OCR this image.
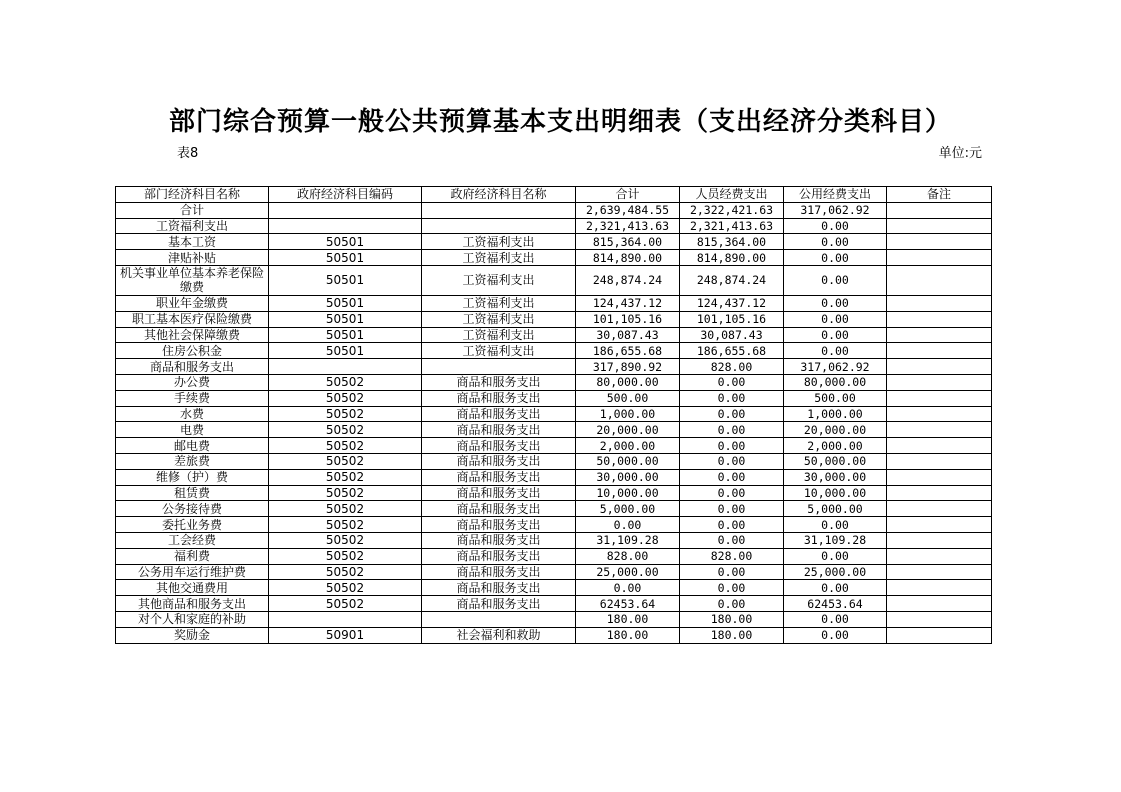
部门综合预算一般公共预算基本支出明细表（支出经济分类科目）
表8	单位:元
部门经济科目名称	政府经济科目编码	政府经济科目名称	合计	人员经费支出	公用经费支出	备注
合计			2,639,484.55	2,322,421.63	317,062.92	
工资福利支出			2,321,413.63	2,321,413.63	0.00	
基本工资	50501	工资福利支出	815,364.00	815,364.00	0.00	
津贴补贴	50501	工资福利支出	814,890.00	814,890.00	0.00	
机关事业单位基本养老保险缴费	50501	工资福利支出	248,874.24	248,874.24	0.00	
职业年金缴费	50501	工资福利支出	124,437.12	124,437.12	0.00	
职工基本医疗保险缴费	50501	工资福利支出	101,105.16	101,105.16	0.00	
其他社会保障缴费	50501	工资福利支出	30,087.43	30,087.43	0.00	
住房公积金	50501	工资福利支出	186,655.68	186,655.68	0.00	
商品和服务支出			317,890.92	828.00	317,062.92	
办公费	50502	商品和服务支出	80,000.00	0.00	80,000.00	
手续费	50502	商品和服务支出	500.00	0.00	500.00	
水费	50502	商品和服务支出	1,000.00	0.00	1,000.00	
电费	50502	商品和服务支出	20,000.00	0.00	20,000.00	
邮电费	50502	商品和服务支出	2,000.00	0.00	2,000.00	
差旅费	50502	商品和服务支出	50,000.00	0.00	50,000.00	
维修（护）费	50502	商品和服务支出	30,000.00	0.00	30,000.00	
租赁费	50502	商品和服务支出	10,000.00	0.00	10,000.00	
公务接待费	50502	商品和服务支出	5,000.00	0.00	5,000.00	
委托业务费	50502	商品和服务支出	0.00	0.00	0.00	
工会经费	50502	商品和服务支出	31,109.28	0.00	31,109.28	
福利费	50502	商品和服务支出	828.00	828.00	0.00	
公务用车运行维护费	50502	商品和服务支出	25,000.00	0.00	25,000.00	
其他交通费用	50502	商品和服务支出	0.00	0.00	0.00	
其他商品和服务支出	50502	商品和服务支出	62453.64	0.00	62453.64	
对个人和家庭的补助			180.00	180.00	0.00	
奖励金	50901	社会福利和救助	180.00	180.00	0.00	
